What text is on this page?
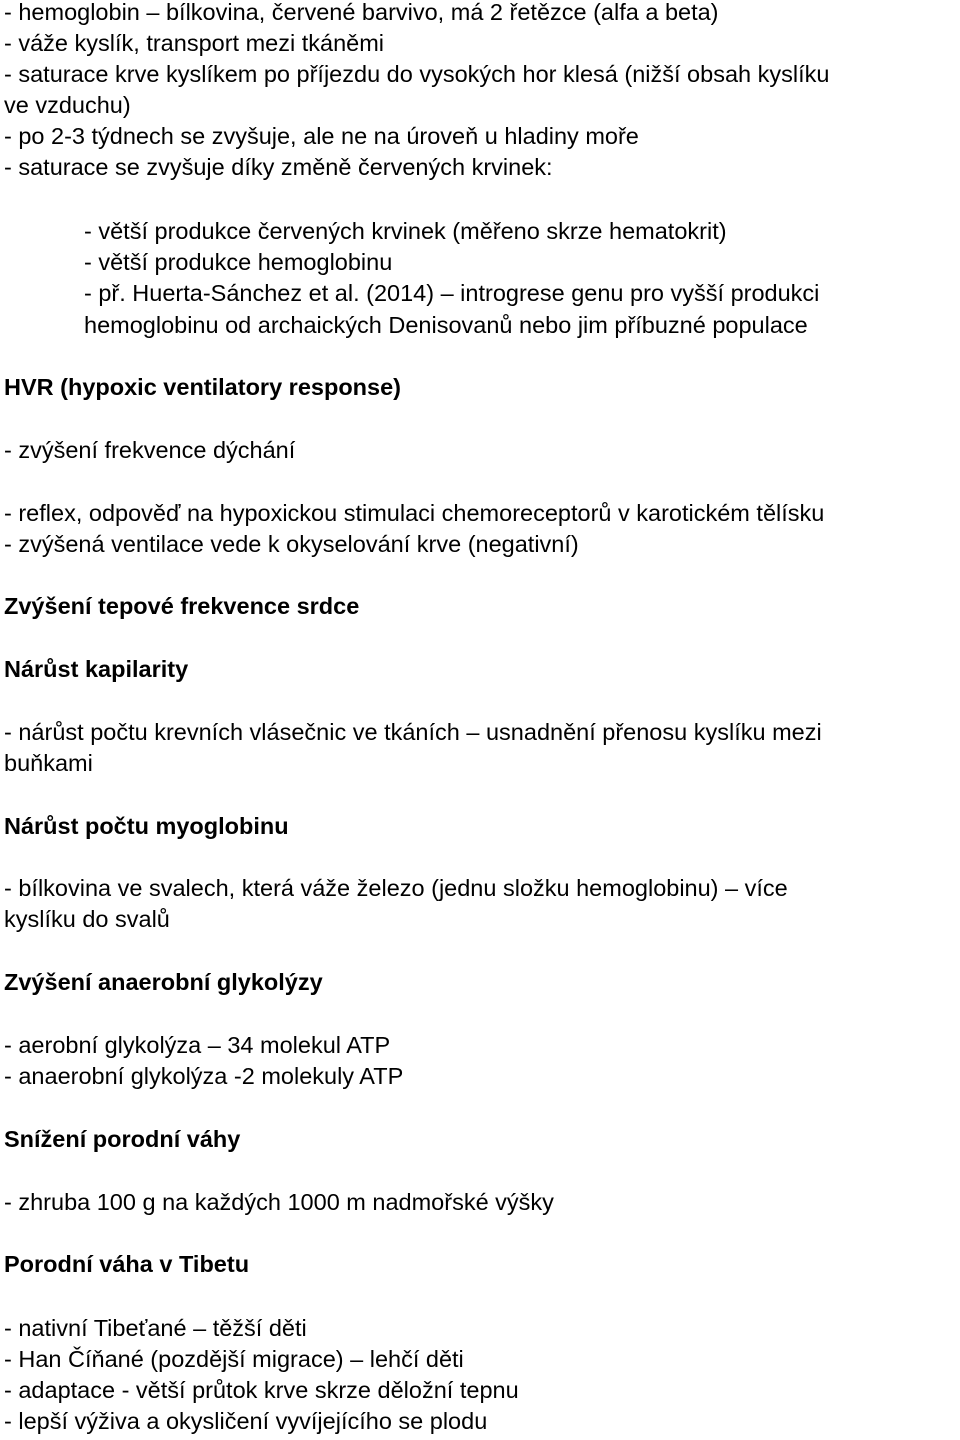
- hemoglobin – bílkovina, červené barvivo, má 2 řetězce (alfa a beta)
- váže kyslík, transport mezi tkáněmi
- saturace krve kyslíkem po příjezdu do vysokých hor klesá (nižší obsah kyslíku
ve vzduchu)
- po 2-3 týdnech se zvyšuje, ale ne na úroveň u hladiny moře
- saturace se zvyšuje díky změně červených krvinek:
- větší produkce červených krvinek (měřeno skrze hematokrit)
- větší produkce hemoglobinu
- př. Huerta-Sánchez et al. (2014) – introgrese genu pro vyšší produkci
hemoglobinu od archaických Denisovanů nebo jim příbuzné populace
HVR (hypoxic ventilatory response)
- zvýšení frekvence dýchání
- reflex, odpověď na hypoxickou stimulaci chemoreceptorů v karotickém tělísku
- zvýšená ventilace vede k okyselování krve (negativní)
Zvýšení tepové frekvence srdce
Nárůst kapilarity
- nárůst počtu krevních vlásečnic ve tkáních – usnadnění přenosu kyslíku mezi
buňkami
Nárůst počtu myoglobinu
- bílkovina ve svalech, která váže železo (jednu složku hemoglobinu) – více
kyslíku do svalů
Zvýšení anaerobní glykolýzy
- aerobní glykolýza – 34 molekul ATP
- anaerobní glykolýza -2 molekuly ATP
Snížení porodní váhy
- zhruba 100 g na každých 1000 m nadmořské výšky
Porodní váha v Tibetu
- nativní Tibeťané – těžší děti
- Han Číňané (pozdější migrace) – lehčí děti
- adaptace - větší průtok krve skrze děložní tepnu
- lepší výživa a okysličení vyvíjejícího se plodu
